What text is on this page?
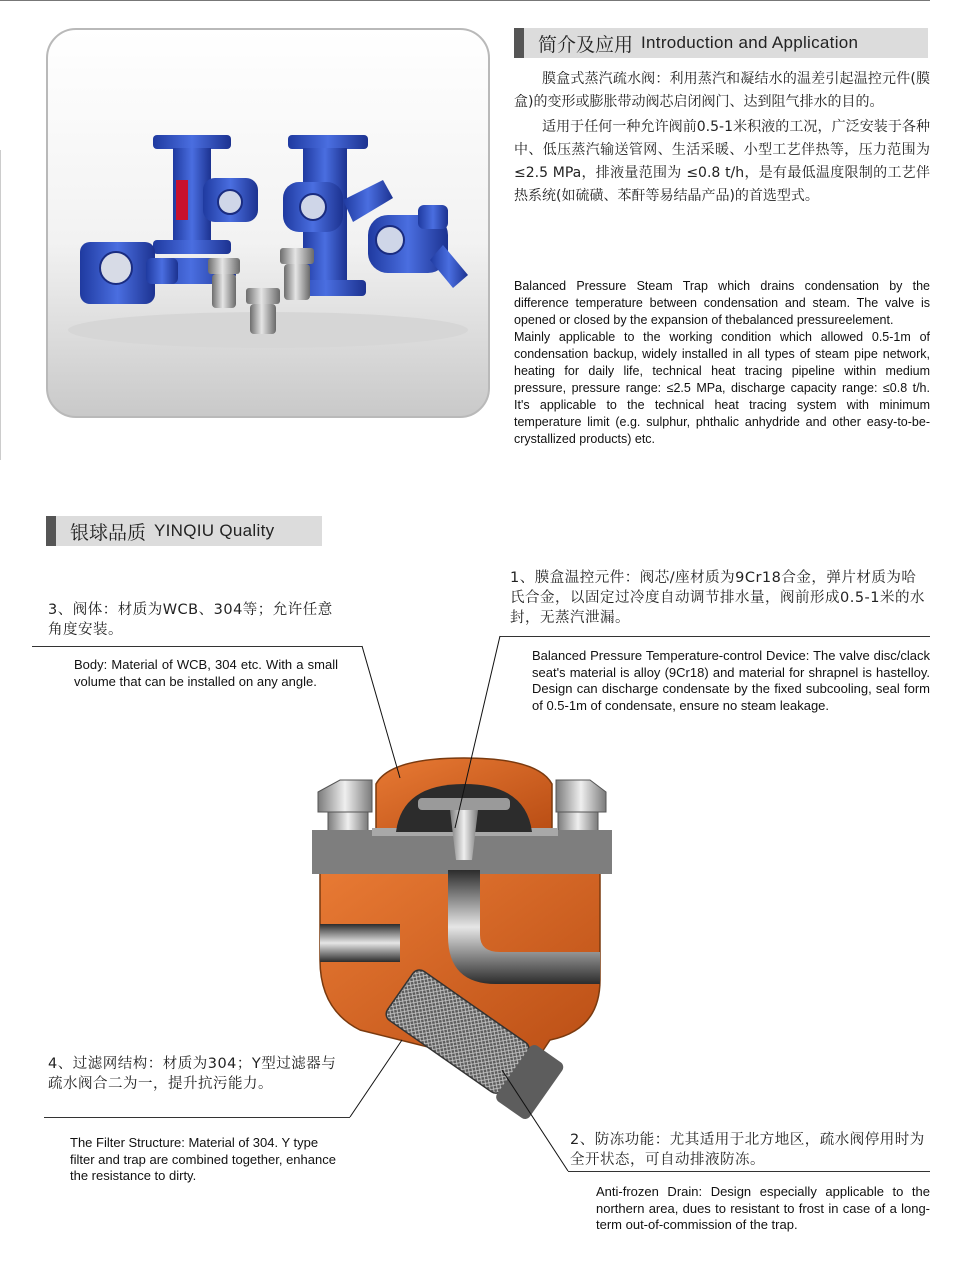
简介及应用 Introduction and Application

膜盒式蒸汽疏水阀：利用蒸汽和凝结水的温差引起温控元件(膜盒)的变形或膨胀带动阀芯启闭阀门、达到阻气排水的目的。

适用于任何一种允许阀前0.5-1米积液的工况，广泛安装于各种中、低压蒸汽输送管网、生活采暖、小型工艺伴热等，压力范围为 ≤2.5 MPa，排液量范围为 ≤0.8 t/h，是有最低温度限制的工艺伴热系统(如硫磺、苯酐等易结晶产品)的首选型式。

Balanced Pressure Steam Trap which drains condensation by the difference temperature between condensation and steam. The valve is opened or closed by the expansion of thebalanced pressureelement.

Mainly applicable to the working condition which allowed 0.5-1m of condensation backup, widely installed in all types of steam pipe network, heating for daily life, technical heat tracing pipeline within medium pressure, pressure range: ≤2.5 MPa, discharge capacity range: ≤0.8 t/h. It's applicable to the technical heat tracing system with minimum temperature limit (e.g. sulphur, phthalic anhydride and other easy-to-be-crystallized products) etc.

银球品质 YINQIU Quality
1、膜盒温控元件：阀芯/座材质为9Cr18合金，弹片材质为哈氏合金，以固定过冷度自动调节排水量，阀前形成0.5-1米的水封，无蒸汽泄漏。
Balanced Pressure Temperature-control Device: The valve disc/clack seat's material is alloy (9Cr18) and material for shrapnel is hastelloy. Design can discharge condensate by the fixed subcooling, seal form of 0.5-1m of condensate, ensure no steam leakage.
3、阀体：材质为WCB、304等；允许任意角度安装。
Body: Material of WCB, 304 etc. With a small volume that can be installed on any angle.
4、过滤网结构：材质为304；Y型过滤器与疏水阀合二为一，提升抗污能力。
The Filter Structure: Material of 304. Y type filter and trap are combined together, enhance the resistance to dirty.
2、防冻功能：尤其适用于北方地区，疏水阀停用时为全开状态，可自动排液防冻。
Anti-frozen Drain: Design especially applicable to the northern area, dues to resistant to frost in case of a long-term out-of-commission of the trap.
